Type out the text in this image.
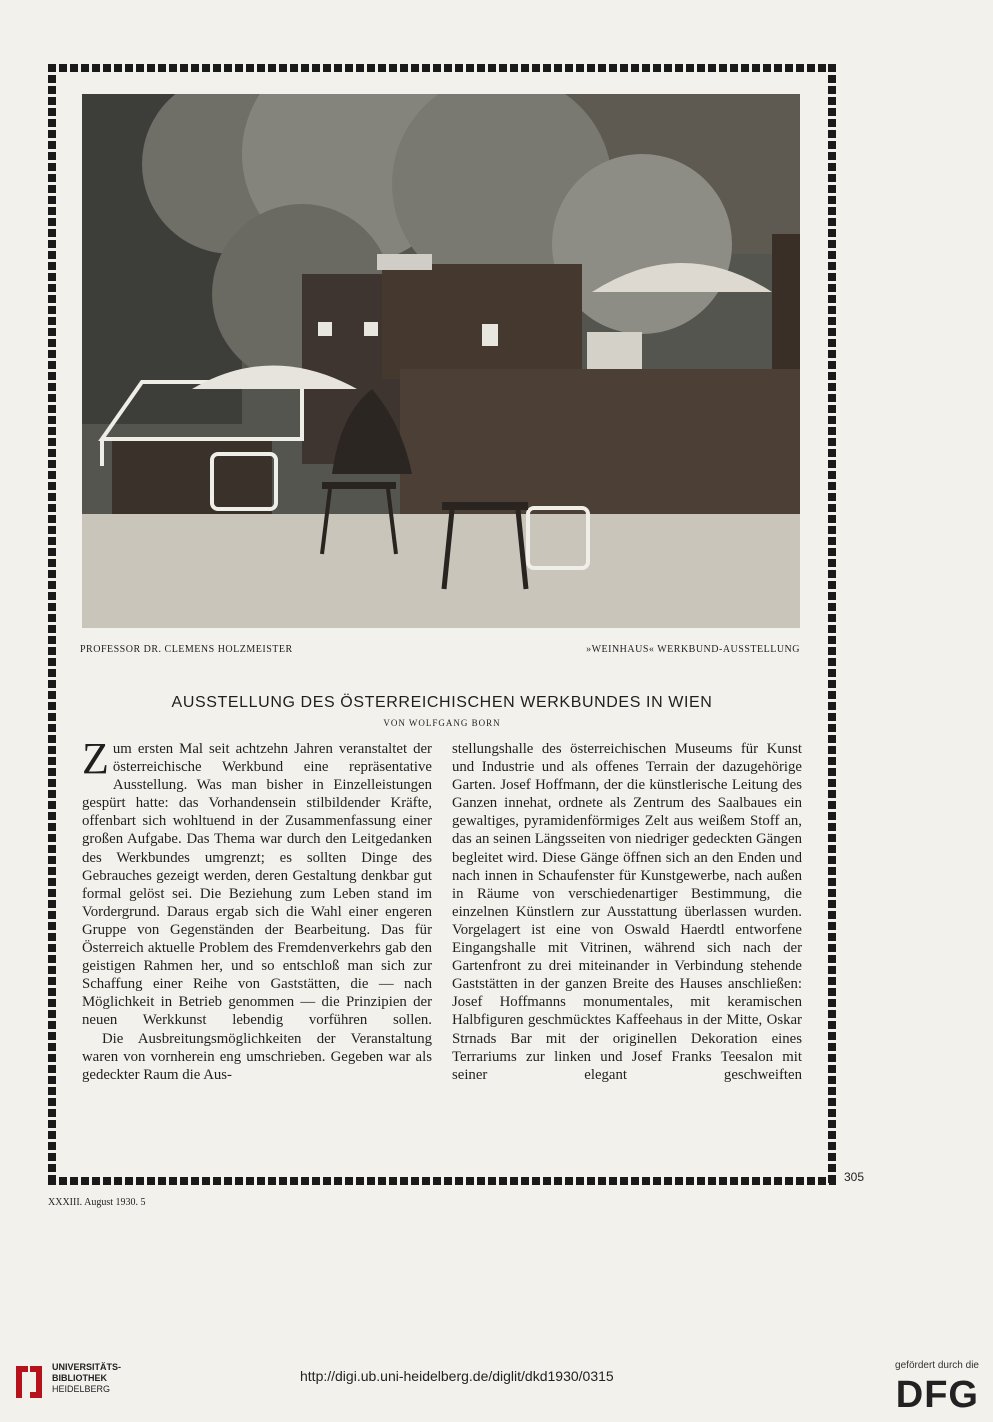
PROFESSOR DR. CLEMENS HOLZMEISTER	»WEINHAUS« WERKBUND-AUSSTELLUNG
AUSSTELLUNG DES ÖSTERREICHISCHEN WERKBUNDES IN WIEN
VON WOLFGANG BORN

Zum ersten Mal seit achtzehn Jahren veranstaltet der österreichische Werkbund eine repräsentative Ausstellung. Was man bisher in Einzelleistungen gespürt hatte: das Vorhandensein stilbildender Kräfte, offenbart sich wohltuend in der Zusammenfassung einer großen Aufgabe. Das Thema war durch den Leitgedanken des Werkbundes umgrenzt; es sollten Dinge des Gebrauches gezeigt werden, deren Gestaltung denkbar gut formal gelöst sei. Die Beziehung zum Leben stand im Vordergrund. Daraus ergab sich die Wahl einer engeren Gruppe von Gegenständen der Bearbeitung. Das für Österreich aktuelle Problem des Fremdenverkehrs gab den geistigen Rahmen her, und so entschloß man sich zur Schaffung einer Reihe von Gaststätten, die — nach Möglichkeit in Betrieb genommen — die Prinzipien der neuen Werkkunst lebendig vorführen sollen.

Die Ausbreitungsmöglichkeiten der Veranstaltung waren von vornherein eng umschrieben. Gegeben war als gedeckter Raum die Aus-

stellungshalle des österreichischen Museums für Kunst und Industrie und als offenes Terrain der dazugehörige Garten. Josef Hoffmann, der die künstlerische Leitung des Ganzen innehat, ordnete als Zentrum des Saalbaues ein gewaltiges, pyramidenförmiges Zelt aus weißem Stoff an, das an seinen Längsseiten von niedriger gedeckten Gängen begleitet wird. Diese Gänge öffnen sich an den Enden und nach innen in Schaufenster für Kunstgewerbe, nach außen in Räume von verschiedenartiger Bestimmung, die einzelnen Künstlern zur Ausstattung überlassen wurden. Vorgelagert ist eine von Oswald Haerdtl entworfene Eingangshalle mit Vitrinen, während sich nach der Gartenfront zu drei miteinander in Verbindung stehende Gaststätten in der ganzen Breite des Hauses anschließen: Josef Hoffmanns monumentales, mit keramischen Halbfiguren geschmücktes Kaffeehaus in der Mitte, Oskar Strnads Bar mit der originellen Dekoration eines Terrariums zur linken und Josef Franks Teesalon mit seiner elegant geschweiften

305
XXXIII. August 1930. 5
UNIVERSITÄTS-
BIBLIOTHEK
HEIDELBERG
http://digi.ub.uni-heidelberg.de/diglit/dkd1930/0315
gefördert durch die
DFG
